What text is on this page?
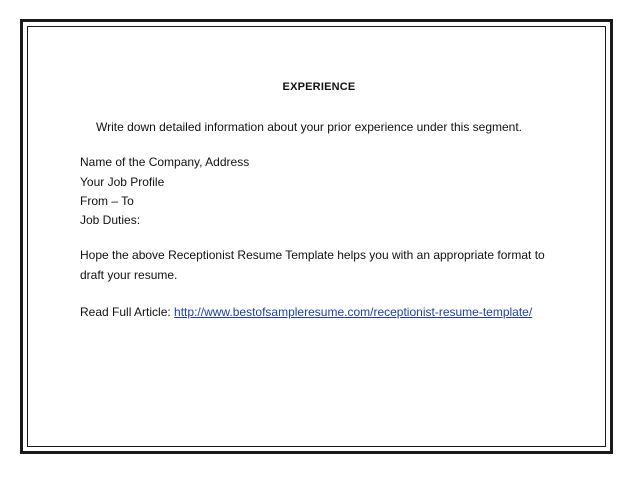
EXPERIENCE
Write down detailed information about your prior experience under this segment.
Name of the Company, Address
Your Job Profile
From – To
Job Duties:
Hope the above Receptionist Resume Template helps you with an appropriate format to
draft your resume.
Read Full Article: http://www.bestofsampleresume.com/receptionist-resume-template/
